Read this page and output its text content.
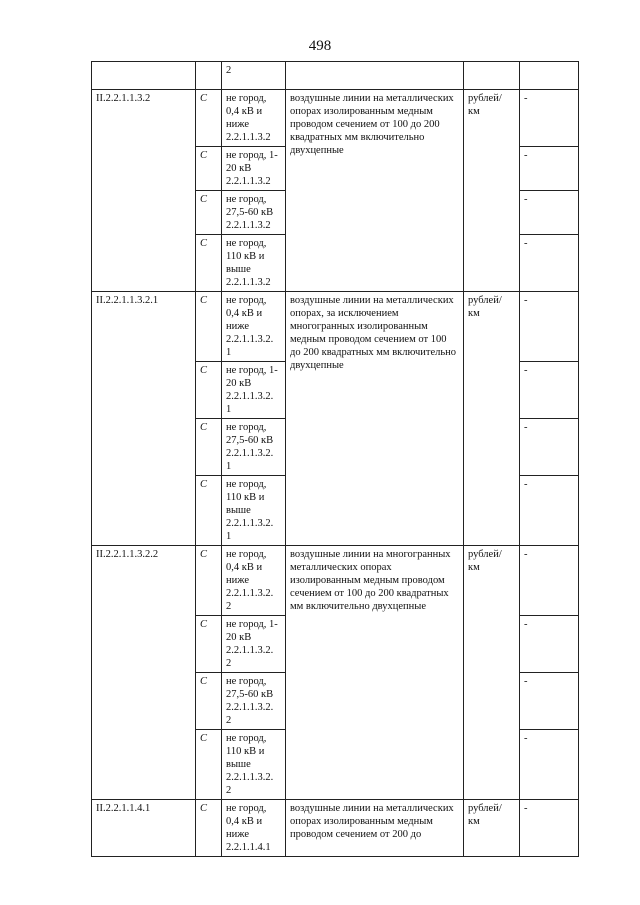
498
		2			
II.2.2.1.1.3.2	С	не город, 0,4 кВ и ниже 2.2.1.1.3.2	воздушные линии на металлических опорах изолированным медным проводом сечением от 100 до 200 квадратных мм включительно двухцепные	рублей/ км	-
	С	не город, 1-20 кВ 2.2.1.1.3.2			-
	С	не город, 27,5-60 кВ 2.2.1.1.3.2			-
	С	не город, 110 кВ и выше 2.2.1.1.3.2			-
II.2.2.1.1.3.2.1	С	не город, 0,4 кВ и ниже 2.2.1.1.3.2. 1	воздушные линии на металлических опорах, за исключением многогранных изолированным медным проводом сечением от 100 до 200 квадратных мм включительно двухцепные	рублей/ км	-
	С	не город, 1-20 кВ 2.2.1.1.3.2. 1			-
	С	не город, 27,5-60 кВ 2.2.1.1.3.2. 1			-
	С	не город, 110 кВ и выше 2.2.1.1.3.2. 1			-
II.2.2.1.1.3.2.2	С	не город, 0,4 кВ и ниже 2.2.1.1.3.2. 2	воздушные линии на многогранных металлических опорах изолированным медным проводом сечением от 100 до 200 квадратных мм включительно двухцепные	рублей/ км	-
	С	не город, 1-20 кВ 2.2.1.1.3.2. 2			-
	С	не город, 27,5-60 кВ 2.2.1.1.3.2. 2			-
	С	не город, 110 кВ и выше 2.2.1.1.3.2. 2			-
II.2.2.1.1.4.1	С	не город, 0,4 кВ и ниже 2.2.1.1.4.1	воздушные линии на металлических опорах изолированным медным проводом сечением от 200 до	рублей/ км	-
